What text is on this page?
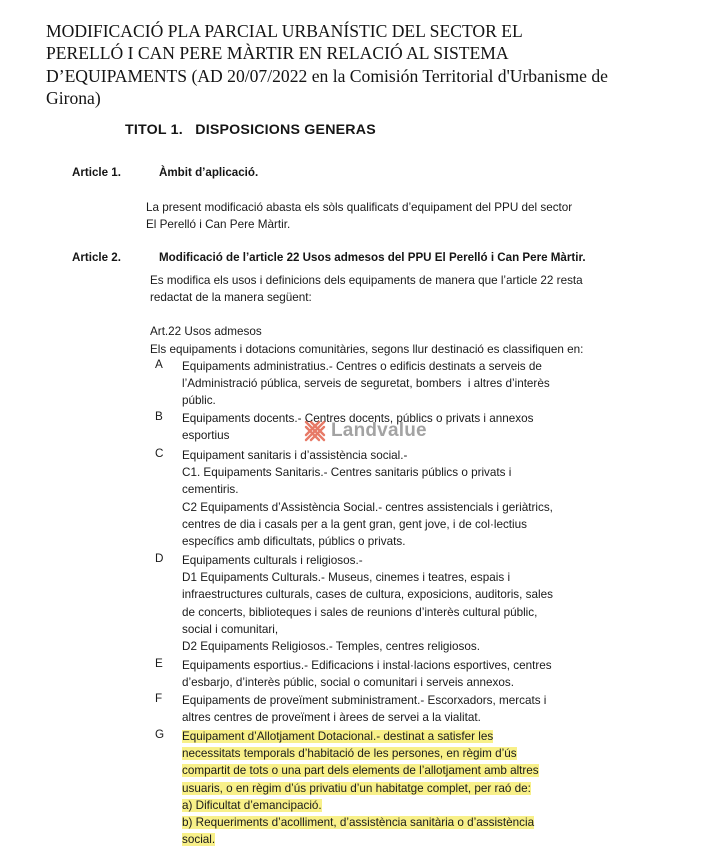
MODIFICACIÓ PLA PARCIAL URBANÍSTIC DEL SECTOR EL
PERELLÓ I CAN PERE MÀRTIR EN RELACIÓ AL SISTEMA
D’EQUIPAMENTS (AD 20/07/2022 en la Comisión Territorial d'Urbanisme de
Girona)
TITOL 1.   DISPOSICIONS GENERAS
Article 1.	Àmbit d’aplicació.
La present modificació abasta els sòls qualificats d’equipament del PPU del sector
El Perelló i Can Pere Màrtir.
Article 2.	Modificació de l’article 22 Usos admesos del PPU El Perelló i Can Pere Màrtir.
Es modifica els usos i definicions dels equipaments de manera que l’article 22 resta
redactat de la manera següent:
Art.22 Usos admesos
Els equipaments i dotacions comunitàries, segons llur destinació es classifiquen en:
A Equipaments administratius.- Centres o edificis destinats a serveis de
l’Administració pública, serveis de seguretat, bombers  i altres d’interès
públic.
B Equipaments docents.- Centres docents, públics o privats i annexos
esportius
C Equipament sanitaris i d’assistència social.-
C1. Equipaments Sanitaris.- Centres sanitaris públics o privats i
cementiris.
C2 Equipaments d’Assistència Social.- centres assistencials i geriàtrics,
centres de dia i casals per a la gent gran, gent jove, i de col·lectius
específics amb dificultats, públics o privats.
D Equipaments culturals i religiosos.-
D1 Equipaments Culturals.- Museus, cinemes i teatres, espais i
infraestructures culturals, cases de cultura, exposicions, auditoris, sales
de concerts, biblioteques i sales de reunions d’interès cultural públic,
social i comunitari,
D2 Equipaments Religiosos.- Temples, centres religiosos.
E Equipaments esportius.- Edificacions i instal·lacions esportives, centres
d’esbarjo, d’interès públic, social o comunitari i serveis annexos.
F Equipaments de proveïment subministrament.- Escorxadors, mercats i
altres centres de proveïment i àrees de servei a la vialitat.
G Equipament d’Allotjament Dotacional.- destinat a satisfer les
necessitats temporals d’habitació de les persones, en règim d’ús
compartit de tots o una part dels elements de l’allotjament amb altres
usuaris, o en règim d’ús privatiu d’un habitatge complet, per raó de:
a) Dificultat d’emancipació.
b) Requeriments d’acolliment, d’assistència sanitària o d’assistència
social.
Landvalue
